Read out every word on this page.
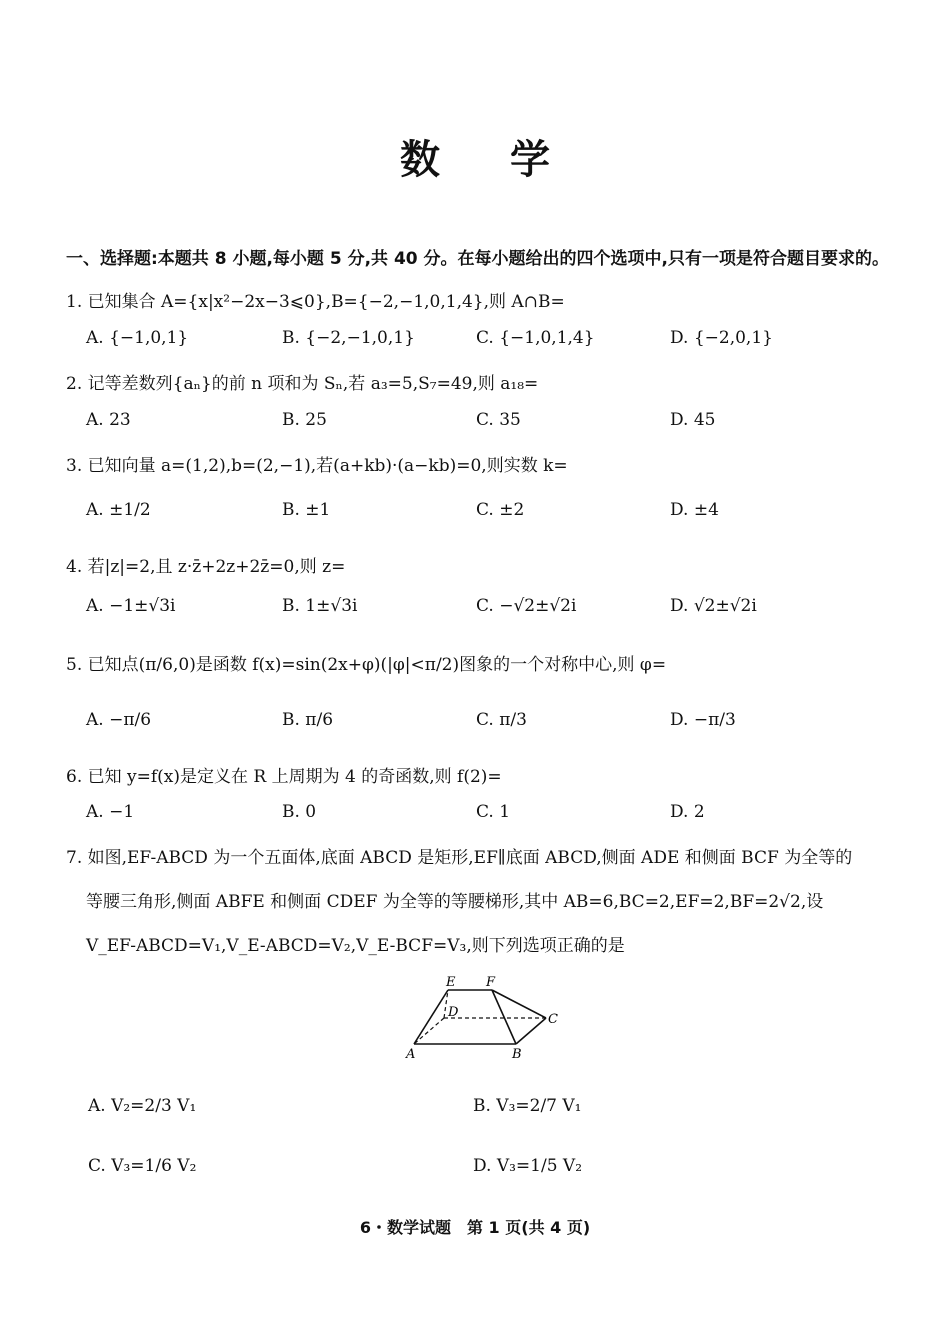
数 学
一、选择题:本题共 8 小题,每小题 5 分,共 40 分。在每小题给出的四个选项中,只有一项是符合题目要求的。
1. 已知集合 A={x|x²−2x−3⩽0},B={−2,−1,0,1,4},则 A∩B=
A. {−1,0,1}	B. {−2,−1,0,1}	C. {−1,0,1,4}	D. {−2,0,1}
2. 记等差数列{aₙ}的前 n 项和为 Sₙ,若 a₃=5,S₇=49,则 a₁₈=
A. 23	B. 25	C. 35	D. 45
3. 已知向量 a=(1,2),b=(2,−1),若(a+kb)·(a−kb)=0,则实数 k=
A. ±1/2	B. ±1	C. ±2	D. ±4
4. 若|z|=2,且 z·z̄+2z+2z̄=0,则 z=
A. −1±√3i	B. 1±√3i	C. −√2±√2i	D. √2±√2i
5. 已知点(π/6,0)是函数 f(x)=sin(2x+φ)(|φ|<π/2)图象的一个对称中心,则 φ=
A. −π/6	B. π/6	C. π/3	D. −π/3
6. 已知 y=f(x)是定义在 R 上周期为 4 的奇函数,则 f(2)=
A. −1	B. 0	C. 1	D. 2
7. 如图,EF-ABCD 为一个五面体,底面 ABCD 是矩形,EF∥底面 ABCD,侧面 ADE 和侧面 BCF 为全等的
等腰三角形,侧面 ABFE 和侧面 CDEF 为全等的等腰梯形,其中 AB=6,BC=2,EF=2,BF=2√2,设
V_EF-ABCD=V₁,V_E-ABCD=V₂,V_E-BCF=V₃,则下列选项正确的是
E F
D	C
A	B
A. V₂=2/3 V₁	B. V₃=2/7 V₁
C. V₃=1/6 V₂	D. V₃=1/5 V₂
6・数学试题　第 1 页(共 4 页)
